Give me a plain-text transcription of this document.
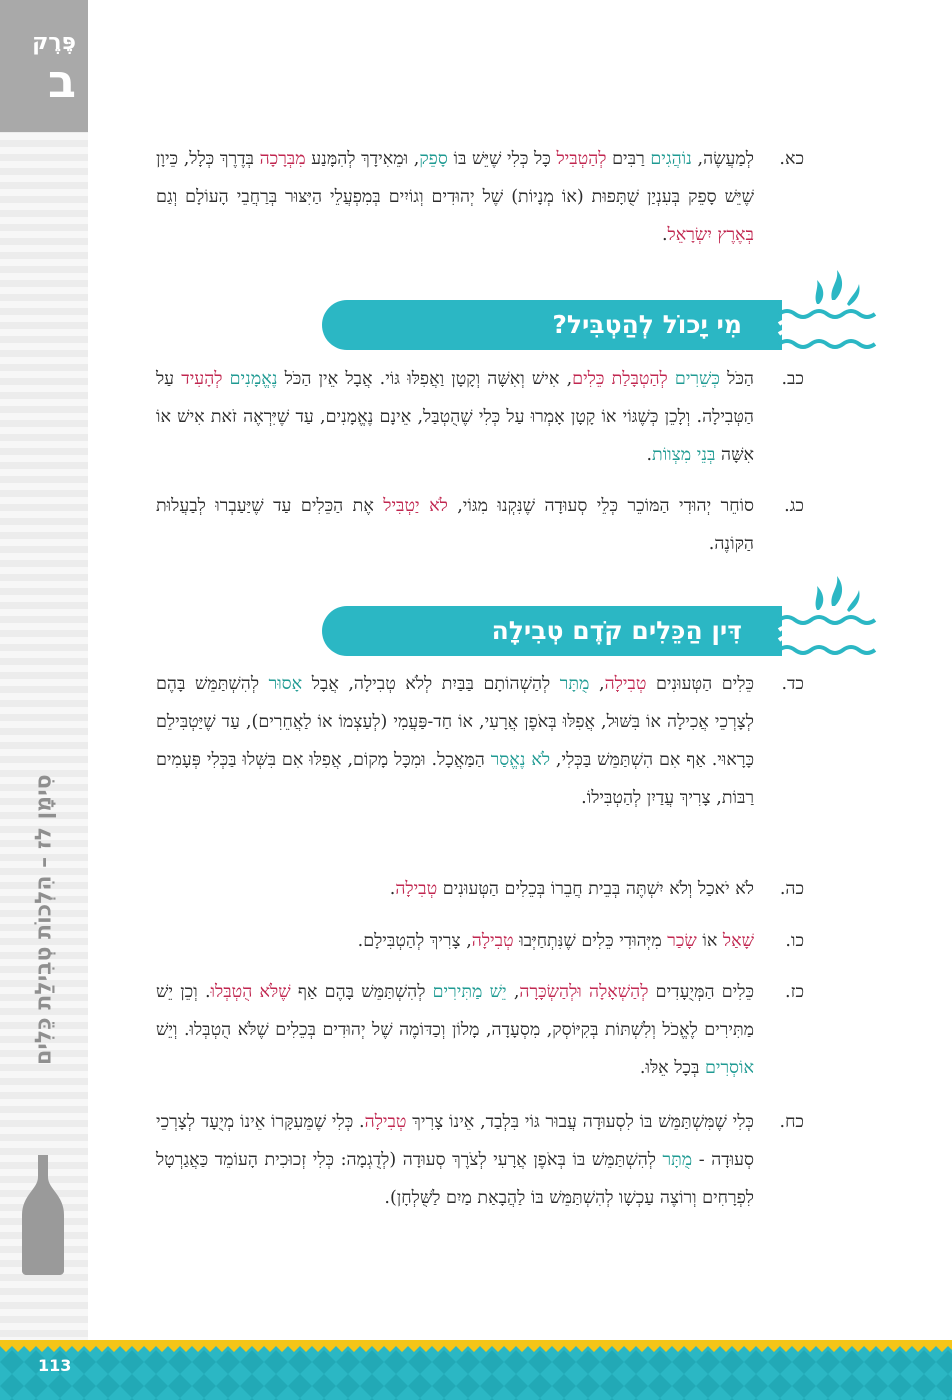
פֶּרֶק
ב
סִימָן לז – הִלְכוֹת טְבִילַת כֵּלִים
כא.
לְמַעֲשֶׂה, נוֹהֲגִים רַבִּים לְהַטְבִּיל כָּל כְּלִי שֶׁיֵּשׁ בּוֹ סָפֵק, וּמֵאִידָךְ לְהִמָּנַע מִבְּרָכָה בְּדֶרֶךְ כְּלָל, כֵּיוָן שֶׁיֵּשׁ סָפֵק בְּעִנְיַן שֻׁתָּפוּת (אוֹ מְנָיוֹת) שֶׁל יְהוּדִים וְגוֹיִים בְּמִפְעֲלֵי הַיִּצּוּר בְּרַחֲבֵי הָעוֹלָם וְגַם בְּאֶרֶץ יִשְׂרָאֵל.
מִי יָכוֹל לְהַטְבִּיל?
כב.
הַכֹּל כְּשֵׁרִים לְהַטְבָּלַת כֵּלִים, אִישׁ וְאִשָּׁה וְקָטָן וַאֲפִלּוּ גּוֹי. אֲבָל אֵין הַכֹּל נֶאֱמָנִים לְהָעִיד עַל הַטְּבִילָה. וְלָכֵן כְּשֶׁגּוֹי אוֹ קָטָן אָמְרוּ עַל כְּלִי שֶׁהֻטְבַּל, אֵינָם נֶאֱמָנִים, עַד שֶׁיִּרְאֶה זֹאת אִישׁ אוֹ אִשָּׁה בְּנֵי מִצְווֹת.
כג.
סוֹחֵר יְהוּדִי הַמּוֹכֵר כְּלֵי סְעוּדָה שֶׁנִּקְנוּ מִגּוֹי, לֹא יַטְבִּיל אֶת הַכֵּלִים עַד שֶׁיַּעַבְרוּ לְבַעֲלוּת הַקּוֹנֶה.
דִּין הַכֵּלִים קֹדֶם טְבִילָה
כד.
כֵּלִים הַטְּעוּנִים טְבִילָה, מֻתָּר לְהַשְׁהוֹתָם בַּבַּיִת לְלֹא טְבִילָה, אֲבָל אָסוּר לְהִשְׁתַּמֵּשׁ בָּהֶם לְצָרְכֵי אֲכִילָה אוֹ בִּשּׁוּל, אֲפִלּוּ בְּאֹפֶן אֲרָעִי, אוֹ חַד-פַּעֲמִי (לְעַצְמוֹ אוֹ לַאֲחֵרִים), עַד שֶׁיַּטְבִּילֵם כָּרָאוּי. אַף אִם הִשְׁתַּמֵּשׁ בַּכְּלִי, לֹא נֶאֱסַר הַמַּאֲכָל. וּמִכָּל מָקוֹם, אֲפִלּוּ אִם בִּשְּׁלוּ בַּכְּלִי פְּעָמִים רַבּוֹת, צָרִיךְ עֲדַיִן לְהַטְבִּילוֹ.
כה.
לֹא יֹאכַל וְלֹא יִשְׁתֶּה בְּבֵית חֲבֵרוֹ בְּכֵלִים הַטְּעוּנִים טְבִילָה.
כו.
שָׁאַל אוֹ שָׂכַר מִיְּהוּדִי כֵּלִים שֶׁנִּתְחַיְּבוּ טְבִילָה, צָרִיךְ לְהַטְבִּילָם.
כז.
כֵּלִים הַמְּיֻעָדִים לְהַשְׁאָלָה וּלְהַשְׂכָּרָה, יֵשׁ מַתִּירִים לְהִשְׁתַּמֵּשׁ בָּהֶם אַף שֶׁלֹּא הֻטְבְּלוּ. וְכֵן יֵשׁ מַתִּירִים לֶאֱכֹל וְלִשְׁתּוֹת בְּקִיּוֹסְק, מִסְעָדָה, מָלוֹן וְכַדּוֹמֶה שֶׁל יְהוּדִים בְּכֵלִים שֶׁלֹּא הֻטְבְּלוּ. וְיֵשׁ אוֹסְרִים בְּכָל אֵלּוּ.
כח.
כְּלִי שֶׁמִּשְׁתַּמֵּשׁ בּוֹ לִסְעוּדָה עֲבוּר גּוֹי בִּלְבַד, אֵינוֹ צָרִיךְ טְבִילָה. כְּלִי שֶׁמֵּעִקָּרוֹ אֵינוֹ מְיֻעָד לְצָרְכֵי סְעוּדָה - מֻתָּר לְהִשְׁתַּמֵּשׁ בּוֹ בְּאֹפֶן אֲרָעִי לְצֹרֶךְ סְעוּדָה (לְדֻגְמָה: כְּלִי זְכוּכִית הָעוֹמֵד כַּאֲגַרְטָל לִפְרָחִים וְרוֹצֶה עַכְשָׁו לְהִשְׁתַּמֵּשׁ בּוֹ לַהֲבָאַת מַיִם לַשֻּׁלְחָן).
113
